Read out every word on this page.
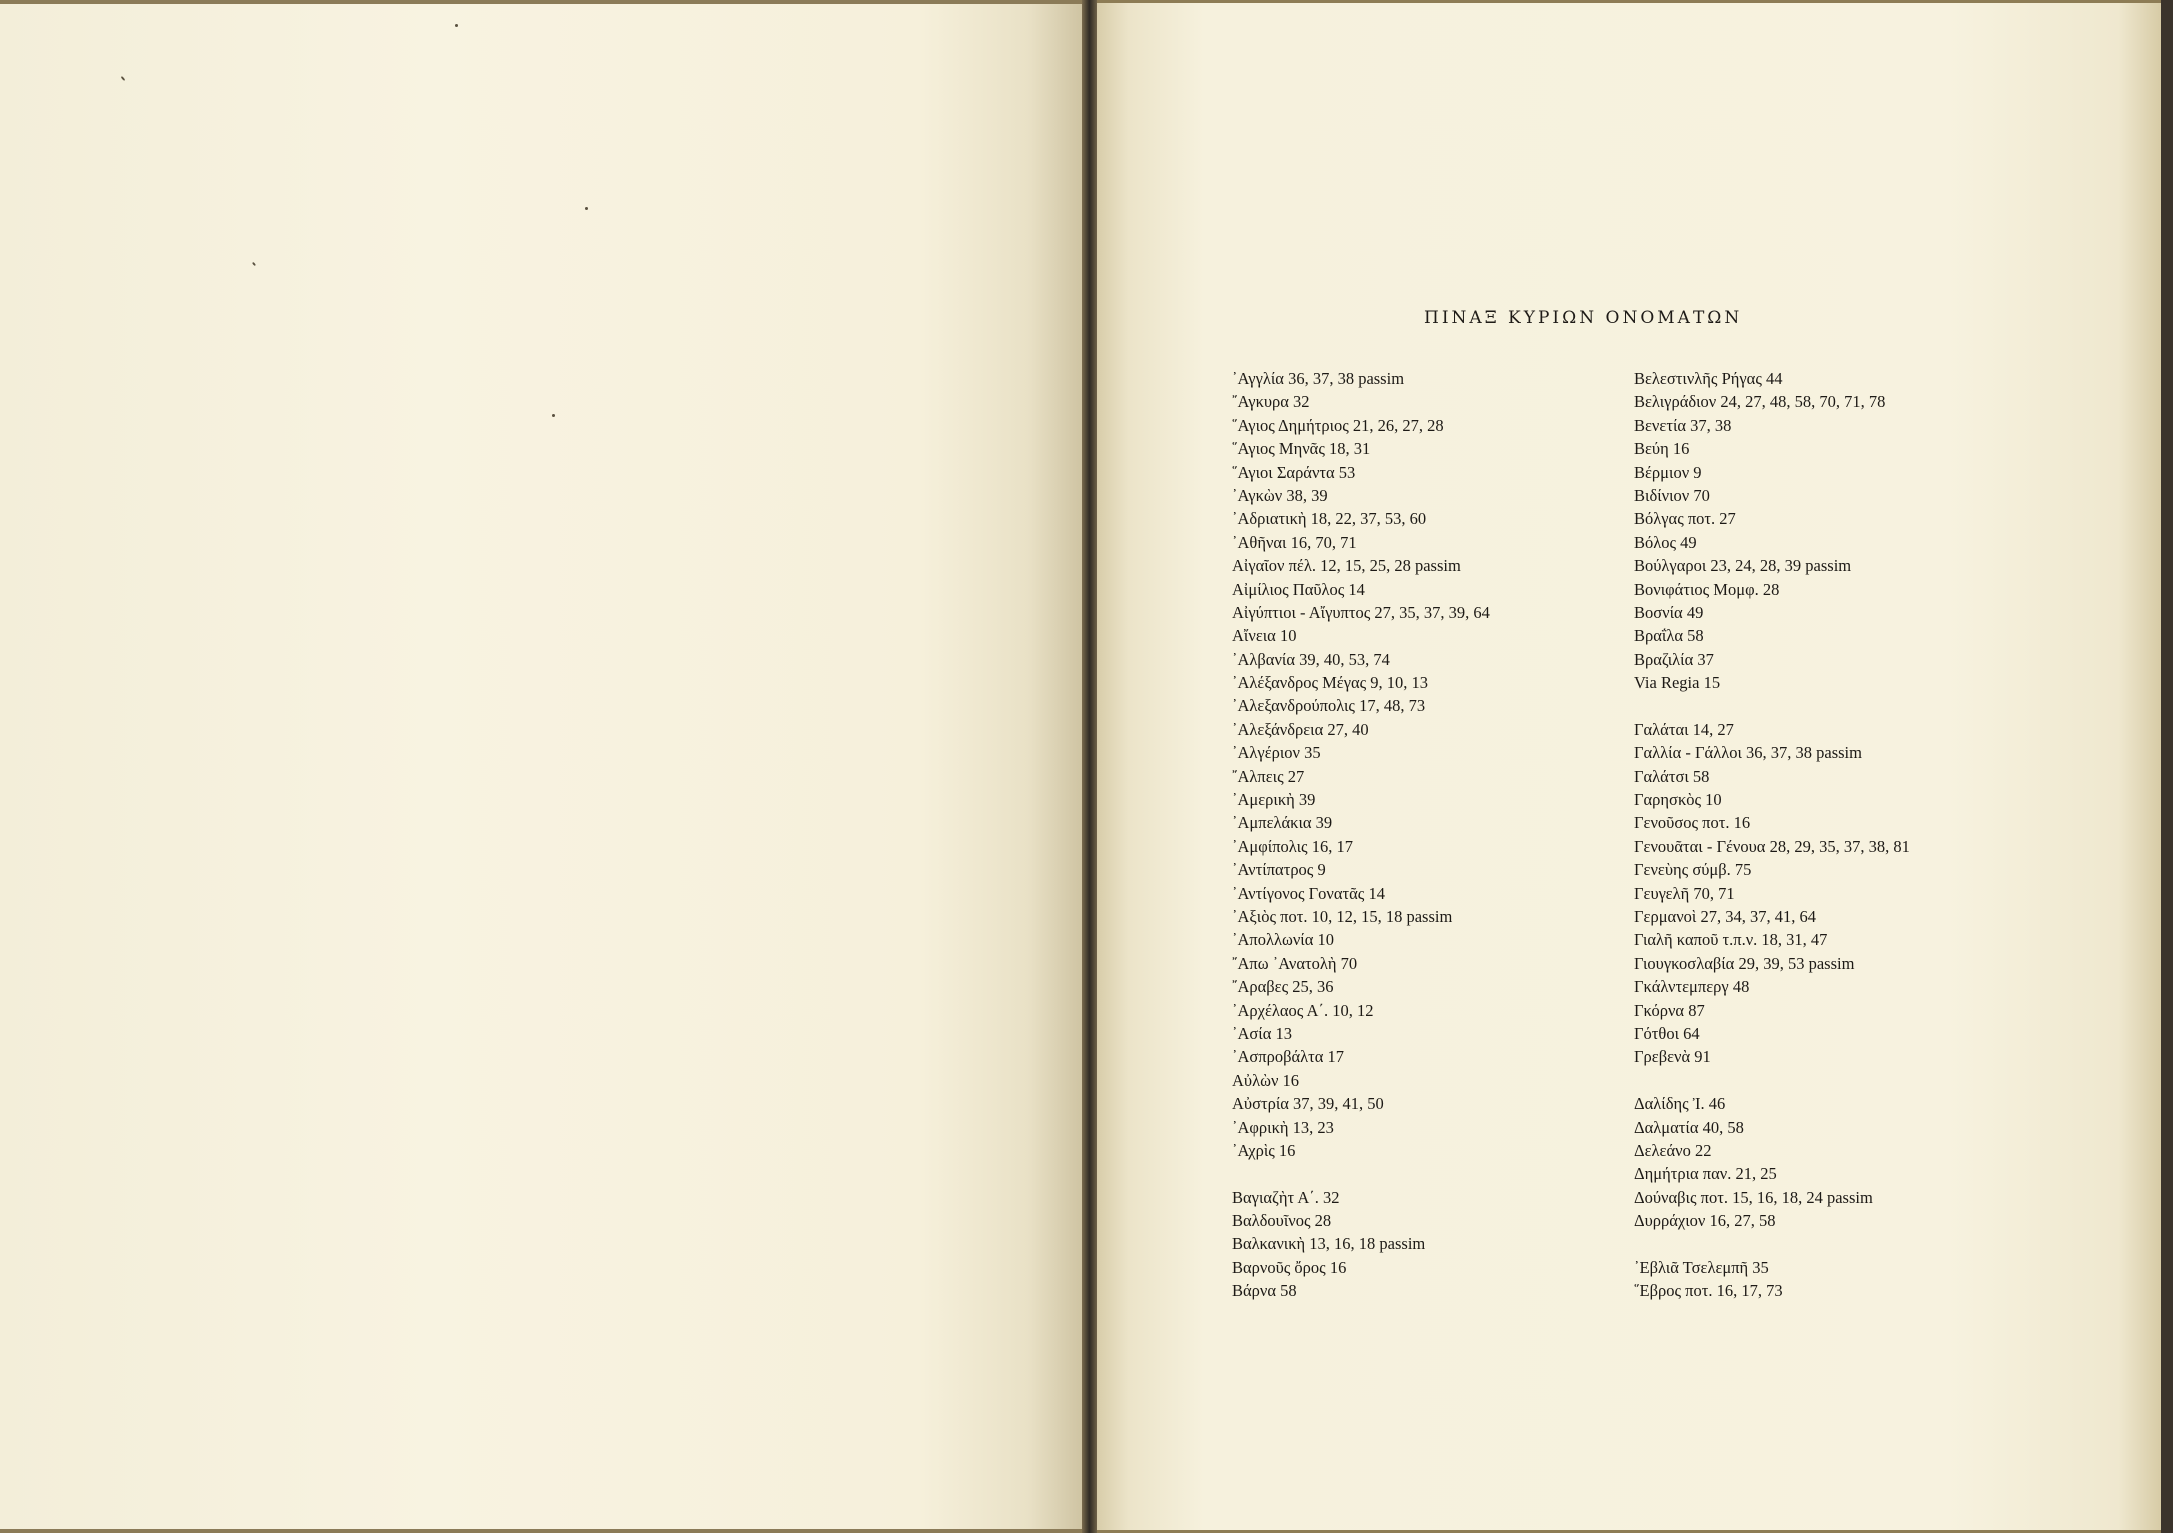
ΠΙΝΑΞ ΚΥΡΙΩΝ ΟΝΟΜΑΤΩΝ
᾿Αγγλία 36, 37, 38 passim
῎Αγκυρα 32
῞Αγιος Δημήτριος 21, 26, 27, 28
῞Αγιος Μηνᾶς 18, 31
῞Αγιοι Σαράντα 53
᾿Αγκὼν 38, 39
᾿Αδριατικὴ 18, 22, 37, 53, 60
᾿Αθῆναι 16, 70, 71
Αἰγαῖον πέλ. 12, 15, 25, 28 passim
Αἰμίλιος Παῦλος 14
Αἰγύπτιοι - Αἴγυπτος 27, 35, 37, 39, 64
Αἴνεια 10
᾿Αλβανία 39, 40, 53, 74
᾿Αλέξανδρος Μέγας 9, 10, 13
᾿Αλεξανδρούπολις 17, 48, 73
᾿Αλεξάνδρεια 27, 40
᾿Αλγέριον 35
῎Αλπεις 27
᾿Αμερικὴ 39
᾿Αμπελάκια 39
᾿Αμφίπολις 16, 17
᾿Αντίπατρος 9
᾿Αντίγονος Γονατᾶς 14
᾿Αξιὸς ποτ. 10, 12, 15, 18 passim
᾿Απολλωνία 10
῎Απω ᾿Ανατολὴ 70
῎Αραβες 25, 36
᾿Αρχέλαος Α΄. 10, 12
᾿Ασία 13
᾿Ασπροβάλτα 17
Αὐλὼν 16
Αὐστρία 37, 39, 41, 50
᾿Αφρικὴ 13, 23
᾿Αχρὶς 16
Βαγιαζὴτ Α΄. 32
Βαλδουῖνος 28
Βαλκανικὴ 13, 16, 18 passim
Βαρνοῦς ὄρος 16
Βάρνα 58
Βελεστινλῆς Ρήγας 44
Βελιγράδιον 24, 27, 48, 58, 70, 71, 78
Βενετία 37, 38
Βεύη 16
Βέρμιον 9
Βιδίνιον 70
Βόλγας ποτ. 27
Βόλος 49
Βούλγαροι 23, 24, 28, 39 passim
Βονιφάτιος Μομφ. 28
Βοσνία 49
Βραΐλα 58
Βραζιλία 37
Via Regia 15
Γαλάται 14, 27
Γαλλία - Γάλλοι 36, 37, 38 passim
Γαλάτσι 58
Γαρησκὸς 10
Γενοῦσος ποτ. 16
Γενουᾶται - Γένουα 28, 29, 35, 37, 38, 81
Γενεὺης σύμβ. 75
Γευγελῆ 70, 71
Γερμανοὶ 27, 34, 37, 41, 64
Γιαλῆ καποῦ τ.π.ν. 18, 31, 47
Γιουγκοσλαβία 29, 39, 53 passim
Γκάλντεμπεργ 48
Γκόρνα 87
Γότθοι 64
Γρεβενὰ 91
Δαλίδης Ἰ. 46
Δαλματία 40, 58
Δελεάνο 22
Δημήτρια παν. 21, 25
Δούναβις ποτ. 15, 16, 18, 24 passim
Δυρράχιον 16, 27, 58
᾿Εβλιᾶ Τσελεμπῆ 35
῞Εβρος ποτ. 16, 17, 73
